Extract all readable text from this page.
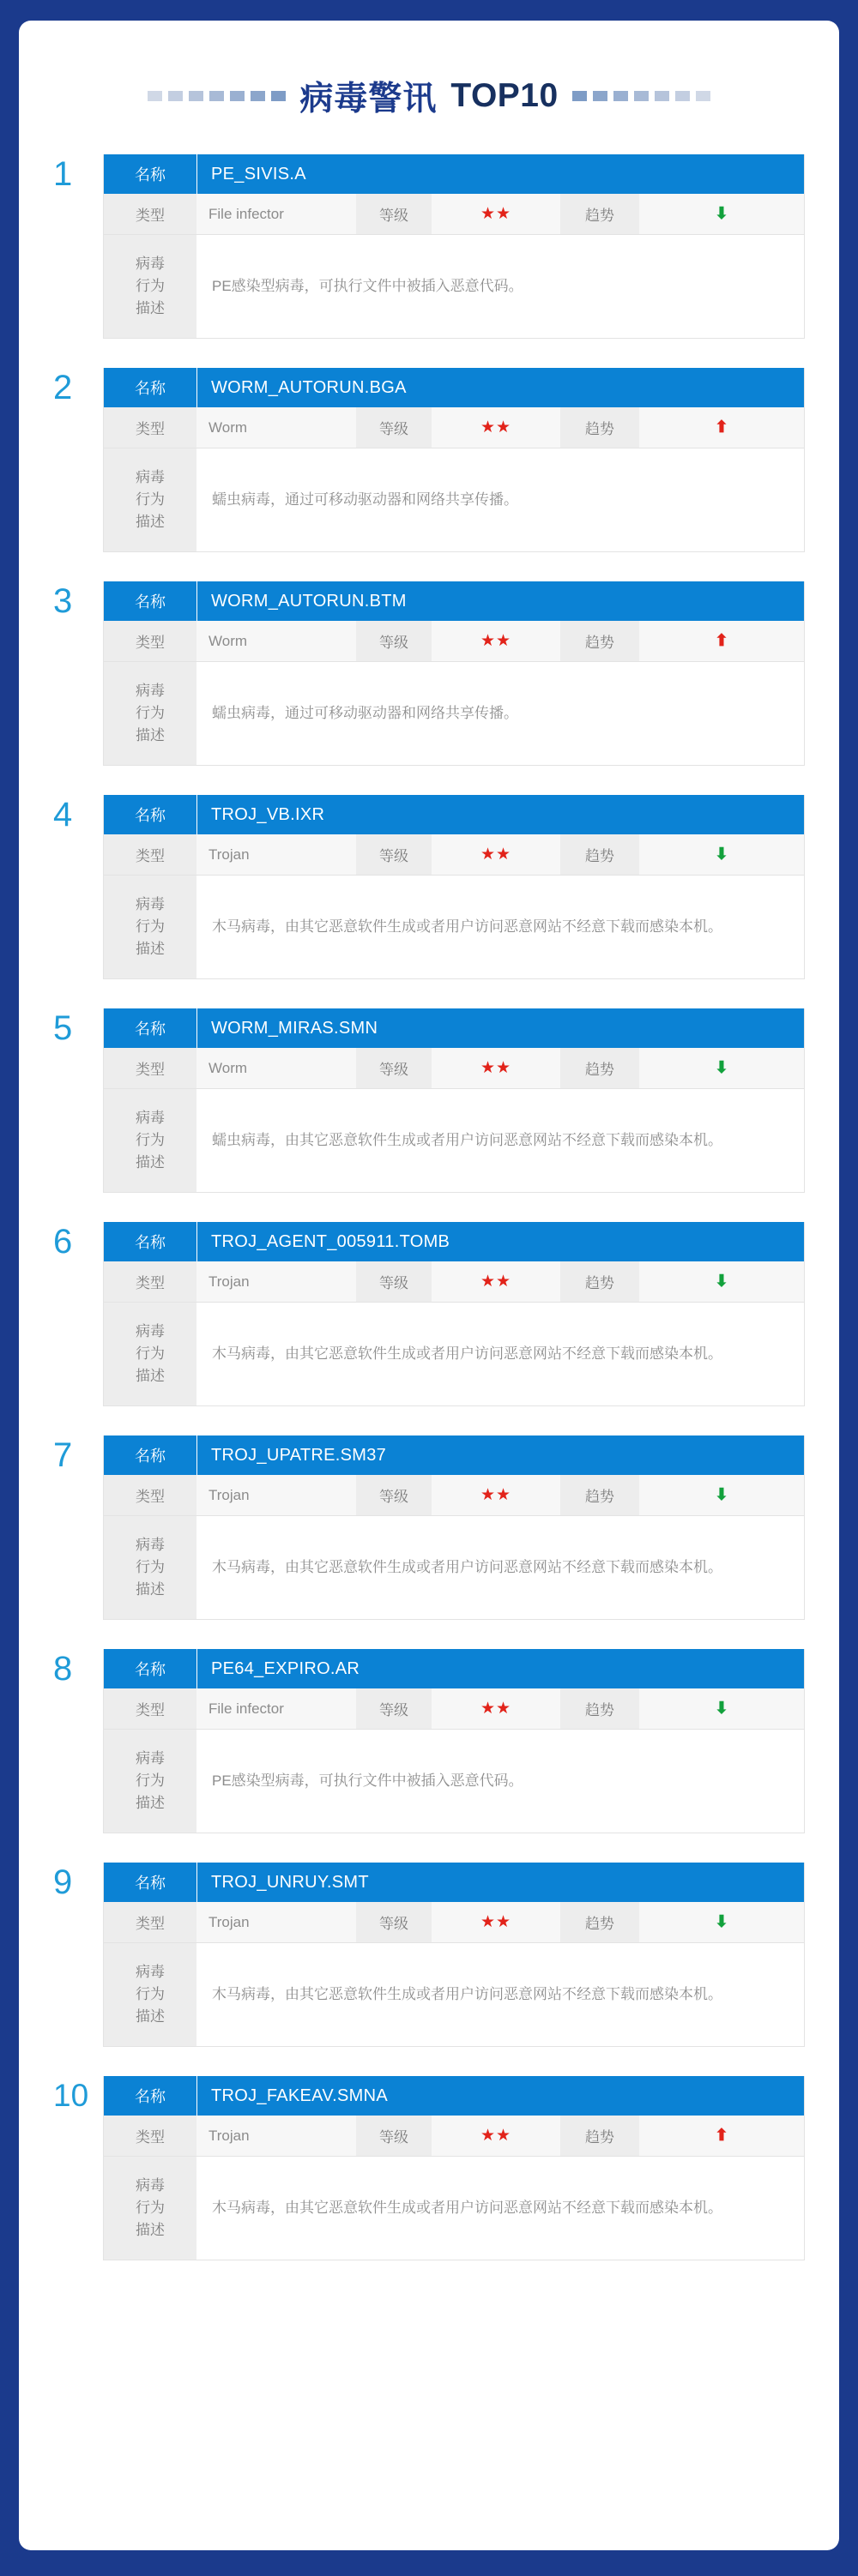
病毒警讯 TOP10
1	名称	PE_SIVIS.A
类型	File infector	等级	★★	趋势	⬇
病毒
行为
描述
PE感染型病毒，可执行文件中被插入恶意代码。
2	名称	WORM_AUTORUN.BGA
类型	Worm	等级	★★	趋势	⬆
病毒
行为
描述
蠕虫病毒，通过可移动驱动器和网络共享传播。
3	名称	WORM_AUTORUN.BTM
类型	Worm	等级	★★	趋势	⬆
病毒
行为
描述
蠕虫病毒，通过可移动驱动器和网络共享传播。
4	名称	TROJ_VB.IXR
类型	Trojan	等级	★★	趋势	⬇
病毒
行为
描述
木马病毒，由其它恶意软件生成或者用户访问恶意网站不经意下载而感染本机。
5	名称	WORM_MIRAS.SMN
类型	Worm	等级	★★	趋势	⬇
病毒
行为
描述
蠕虫病毒，由其它恶意软件生成或者用户访问恶意网站不经意下载而感染本机。
6	名称	TROJ_AGENT_005911.TOMB
类型	Trojan	等级	★★	趋势	⬇
病毒
行为
描述
木马病毒，由其它恶意软件生成或者用户访问恶意网站不经意下载而感染本机。
7	名称	TROJ_UPATRE.SM37
类型	Trojan	等级	★★	趋势	⬇
病毒
行为
描述
木马病毒，由其它恶意软件生成或者用户访问恶意网站不经意下载而感染本机。
8	名称	PE64_EXPIRO.AR
类型	File infector	等级	★★	趋势	⬇
病毒
行为
描述
PE感染型病毒，可执行文件中被插入恶意代码。
9	名称	TROJ_UNRUY.SMT
类型	Trojan	等级	★★	趋势	⬇
病毒
行为
描述
木马病毒，由其它恶意软件生成或者用户访问恶意网站不经意下载而感染本机。
10	名称	TROJ_FAKEAV.SMNA
类型	Trojan	等级	★★	趋势	⬆
病毒
行为
描述
木马病毒，由其它恶意软件生成或者用户访问恶意网站不经意下载而感染本机。
